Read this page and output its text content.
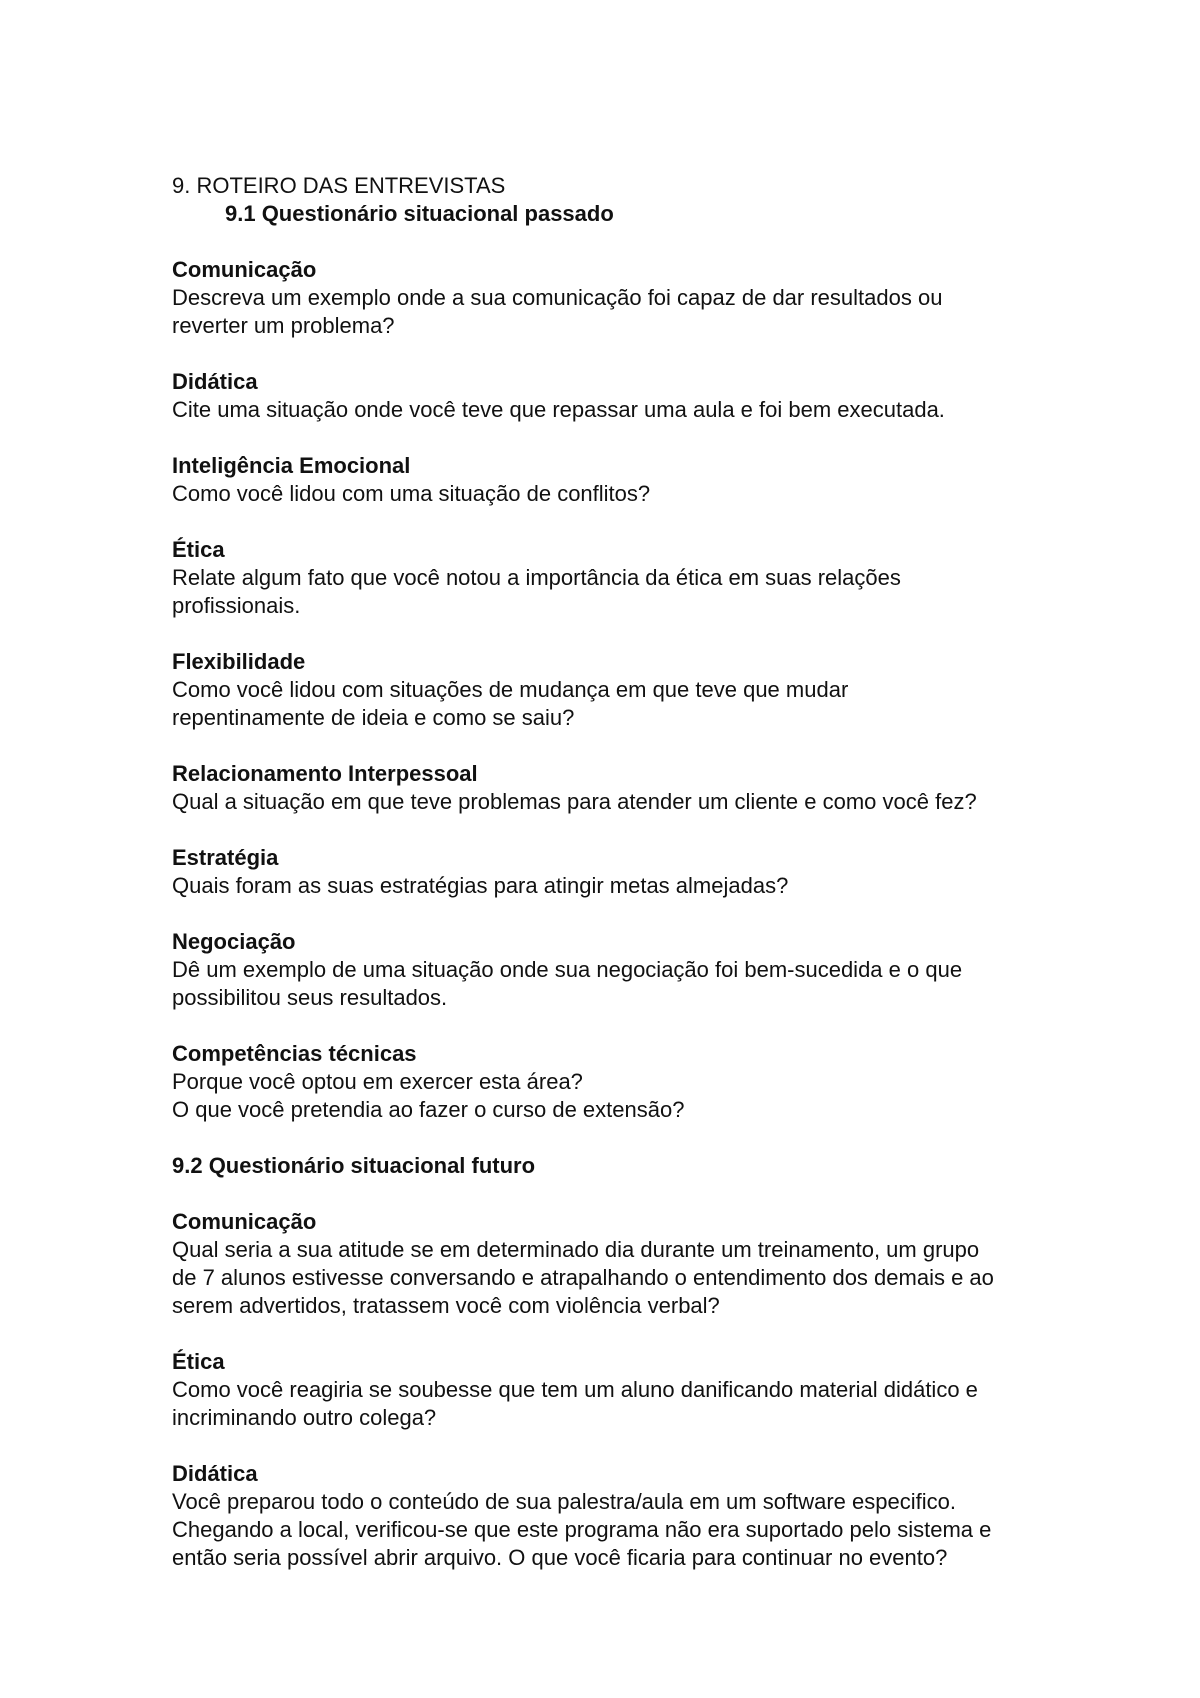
9. ROTEIRO DAS ENTREVISTAS

9.1 Questionário situacional passado

Comunicação

Descreva um exemplo onde a sua comunicação foi capaz de dar resultados ou

reverter um problema?

Didática

Cite uma situação onde você teve que repassar uma aula e foi bem executada.

Inteligência Emocional

Como você lidou com uma situação de conflitos?

Ética

Relate algum fato que você notou a importância da ética em suas relações

profissionais.

Flexibilidade

Como você lidou com situações de mudança em que teve que mudar

repentinamente de ideia e como se saiu?

Relacionamento Interpessoal

Qual a situação em que teve problemas para atender um cliente e como você fez?

Estratégia

Quais foram as suas estratégias para atingir metas almejadas?

Negociação

Dê um exemplo de uma situação onde sua negociação foi bem-sucedida e o que

possibilitou seus resultados.

Competências técnicas

Porque você optou em exercer esta área?

O que você pretendia ao fazer o curso de extensão?

9.2 Questionário situacional futuro

Comunicação

Qual seria a sua atitude se em determinado dia durante um treinamento, um grupo

de 7 alunos estivesse conversando e atrapalhando o entendimento dos demais e ao

serem advertidos, tratassem você com violência verbal?

Ética

Como você reagiria se soubesse que tem um aluno danificando material didático e

incriminando outro colega?

Didática

Você preparou todo o conteúdo de sua palestra/aula em um software especifico.

Chegando a local, verificou-se que este programa não era suportado pelo sistema e

então seria possível abrir arquivo. O que você ficaria para continuar no evento?
